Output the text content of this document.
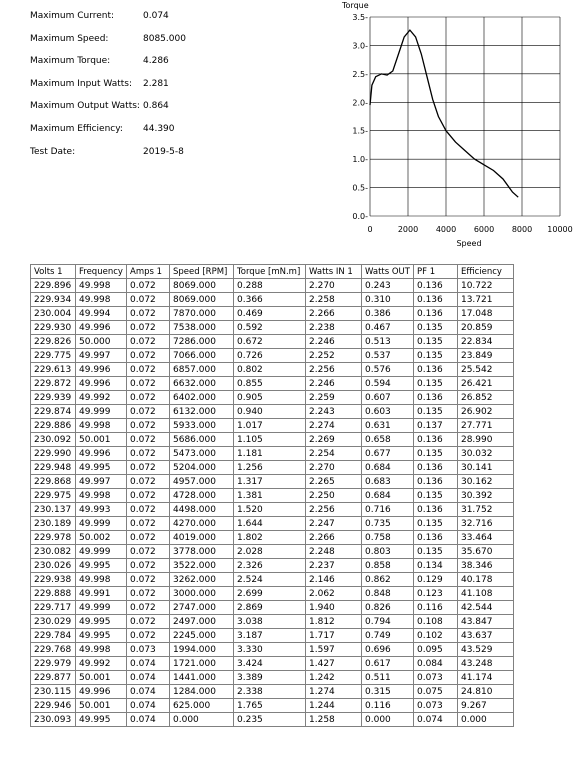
Maximum Current:	0.074
Maximum Speed:	8085.000
Maximum Torque:	4.286
Maximum Input Watts: 2.281
Maximum Output Watts: 0.864
Maximum Efficiency: 44.390
Test Date:	2019-5-8
Torque
Speed
0.0-
0.5-
1.0-
1.5-
2.0-
2.5-
3.0-
3.5-
0	2000 4000 6000 8000 10000
Volts 1	Frequency	Amps 1	Speed [RPM]	Torque [mN.m]	Watts IN 1	Watts OUT	PF 1	Efficiency
229.896	49.998	0.072	8069.000	0.288	2.270	0.243	0.136	10.722
229.934	49.998	0.072	8069.000	0.366	2.258	0.310	0.136	13.721
230.004	49.994	0.072	7870.000	0.469	2.266	0.386	0.136	17.048
229.930	49.996	0.072	7538.000	0.592	2.238	0.467	0.135	20.859
229.826	50.000	0.072	7286.000	0.672	2.246	0.513	0.135	22.834
229.775	49.997	0.072	7066.000	0.726	2.252	0.537	0.135	23.849
229.613	49.996	0.072	6857.000	0.802	2.256	0.576	0.136	25.542
229.872	49.996	0.072	6632.000	0.855	2.246	0.594	0.135	26.421
229.939	49.992	0.072	6402.000	0.905	2.259	0.607	0.136	26.852
229.874	49.999	0.072	6132.000	0.940	2.243	0.603	0.135	26.902
229.886	49.998	0.072	5933.000	1.017	2.274	0.631	0.137	27.771
230.092	50.001	0.072	5686.000	1.105	2.269	0.658	0.136	28.990
229.990	49.996	0.072	5473.000	1.181	2.254	0.677	0.135	30.032
229.948	49.995	0.072	5204.000	1.256	2.270	0.684	0.136	30.141
229.868	49.997	0.072	4957.000	1.317	2.265	0.683	0.136	30.162
229.975	49.998	0.072	4728.000	1.381	2.250	0.684	0.135	30.392
230.137	49.993	0.072	4498.000	1.520	2.256	0.716	0.136	31.752
230.189	49.999	0.072	4270.000	1.644	2.247	0.735	0.135	32.716
229.978	50.002	0.072	4019.000	1.802	2.266	0.758	0.136	33.464
230.082	49.999	0.072	3778.000	2.028	2.248	0.803	0.135	35.670
230.026	49.995	0.072	3522.000	2.326	2.237	0.858	0.134	38.346
229.938	49.998	0.072	3262.000	2.524	2.146	0.862	0.129	40.178
229.888	49.991	0.072	3000.000	2.699	2.062	0.848	0.123	41.108
229.717	49.999	0.072	2747.000	2.869	1.940	0.826	0.116	42.544
230.029	49.995	0.072	2497.000	3.038	1.812	0.794	0.108	43.847
229.784	49.995	0.072	2245.000	3.187	1.717	0.749	0.102	43.637
229.768	49.998	0.073	1994.000	3.330	1.597	0.696	0.095	43.529
229.979	49.992	0.074	1721.000	3.424	1.427	0.617	0.084	43.248
229.877	50.001	0.074	1441.000	3.389	1.242	0.511	0.073	41.174
230.115	49.996	0.074	1284.000	2.338	1.274	0.315	0.075	24.810
229.946	50.001	0.074	625.000	1.765	1.244	0.116	0.073	9.267
230.093	49.995	0.074	0.000	0.235	1.258	0.000	0.074	0.000
